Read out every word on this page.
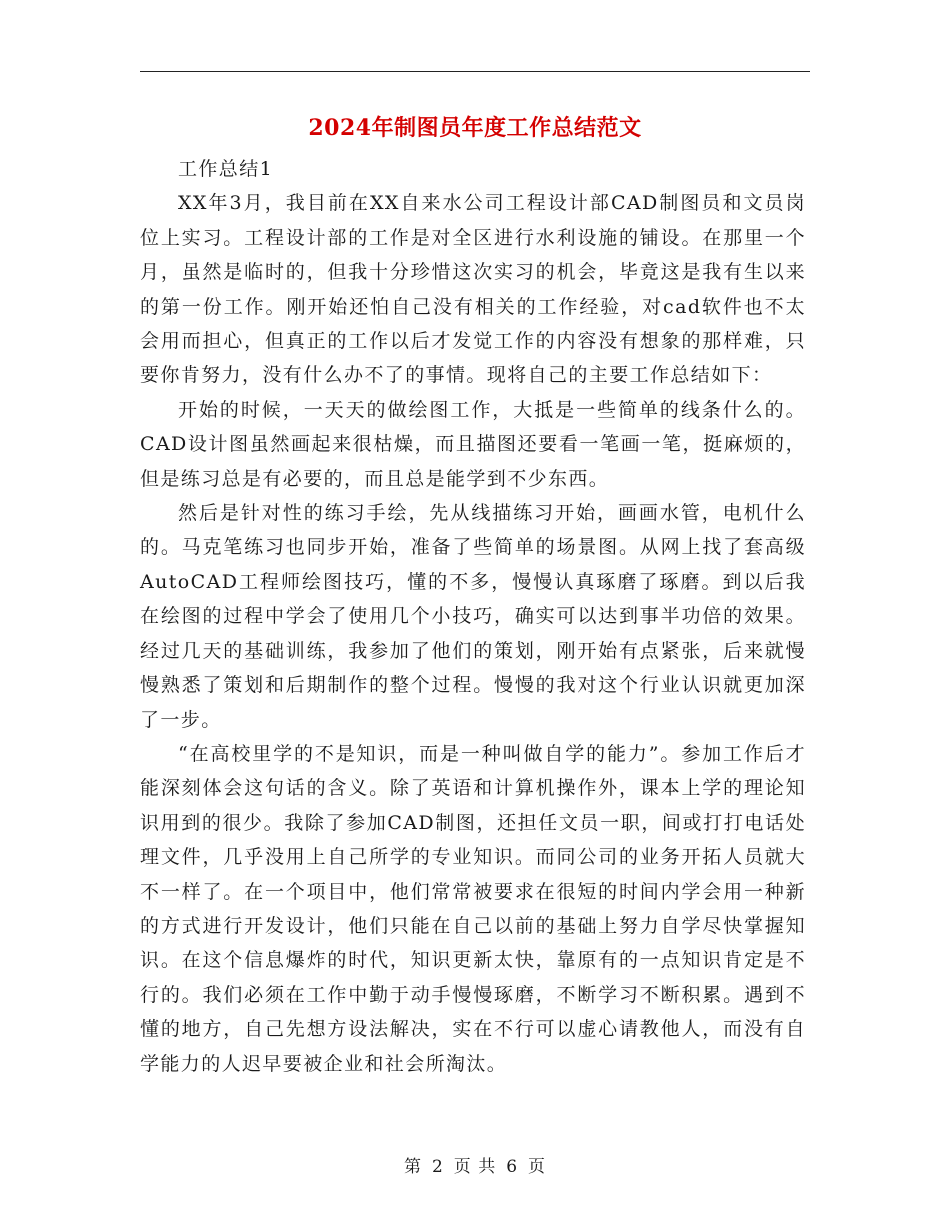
2024年制图员年度工作总结范文

工作总结1

XX年3月，我目前在XX自来水公司工程设计部CAD制图员和文员岗位上实习。工程设计部的工作是对全区进行水利设施的铺设。在那里一个月，虽然是临时的，但我十分珍惜这次实习的机会，毕竟这是我有生以来的第一份工作。刚开始还怕自己没有相关的工作经验，对cad软件也不太会用而担心，但真正的工作以后才发觉工作的内容没有想象的那样难，只要你肯努力，没有什么办不了的事情。现将自己的主要工作总结如下：

开始的时候，一天天的做绘图工作，大抵是一些简单的线条什么的。CAD设计图虽然画起来很枯燥，而且描图还要看一笔画一笔，挺麻烦的，但是练习总是有必要的，而且总是能学到不少东西。

然后是针对性的练习手绘，先从线描练习开始，画画水管，电机什么的。马克笔练习也同步开始，准备了些简单的场景图。从网上找了套高级AutoCAD工程师绘图技巧，懂的不多，慢慢认真琢磨了琢磨。到以后我在绘图的过程中学会了使用几个小技巧，确实可以达到事半功倍的效果。经过几天的基础训练，我参加了他们的策划，刚开始有点紧张，后来就慢慢熟悉了策划和后期制作的整个过程。慢慢的我对这个行业认识就更加深了一步。

“在高校里学的不是知识，而是一种叫做自学的能力”。参加工作后才能深刻体会这句话的含义。除了英语和计算机操作外，课本上学的理论知识用到的很少。我除了参加CAD制图，还担任文员一职，间或打打电话处理文件，几乎没用上自己所学的专业知识。而同公司的业务开拓人员就大不一样了。在一个项目中，他们常常被要求在很短的时间内学会用一种新的方式进行开发设计，他们只能在自己以前的基础上努力自学尽快掌握知识。在这个信息爆炸的时代，知识更新太快，靠原有的一点知识肯定是不行的。我们必须在工作中勤于动手慢慢琢磨，不断学习不断积累。遇到不懂的地方，自己先想方设法解决，实在不行可以虚心请教他人，而没有自学能力的人迟早要被企业和社会所淘汰。

第 2 页 共 6 页
